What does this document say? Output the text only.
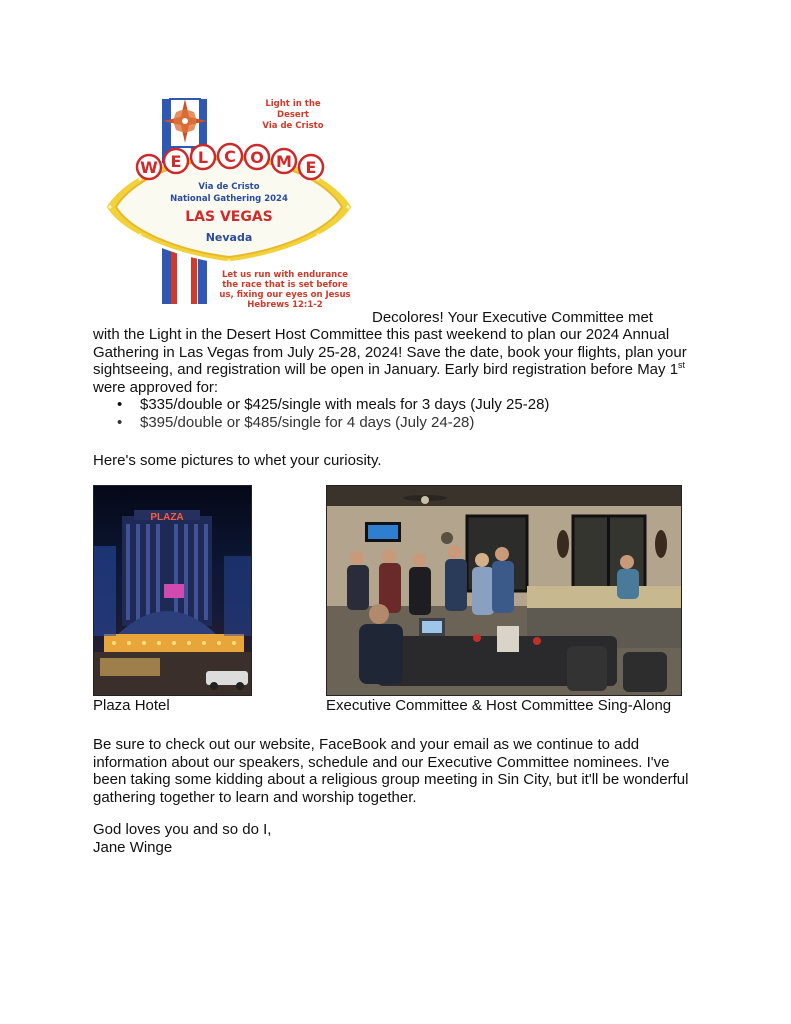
W E L C O M E
Via de Cristo
National Gathering 2024
LAS VEGAS
Nevada
Light in the
Desert
Via de Cristo
Let us run with endurance
the race that is set before
us, fixing our eyes on Jesus
Hebrews 12:1-2

Decolores! Your Executive Committee met

with the Light in the Desert Host Committee this past weekend to plan our 2024 Annual Gathering in Las Vegas from July 25-28, 2024! Save the date, book your flights, plan your sightseeing, and registration will be open in January. Early bird registration before May 1st were approved for:

• $335/double or $425/single with meals for 3 days (July 25-28)
• $395/double or $485/single for 4 days (July 24-28)

Here's some pictures to whet your curiosity.

PLAZA

Plaza Hotel	Executive Committee & Host Committee Sing-Along

Be sure to check out our website, FaceBook and your email as we continue to add information about our speakers, schedule and our Executive Committee nominees. I've been taking some kidding about a religious group meeting in Sin City, but it'll be wonderful gathering together to learn and worship together.

God loves you and so do I,

Jane Winge
